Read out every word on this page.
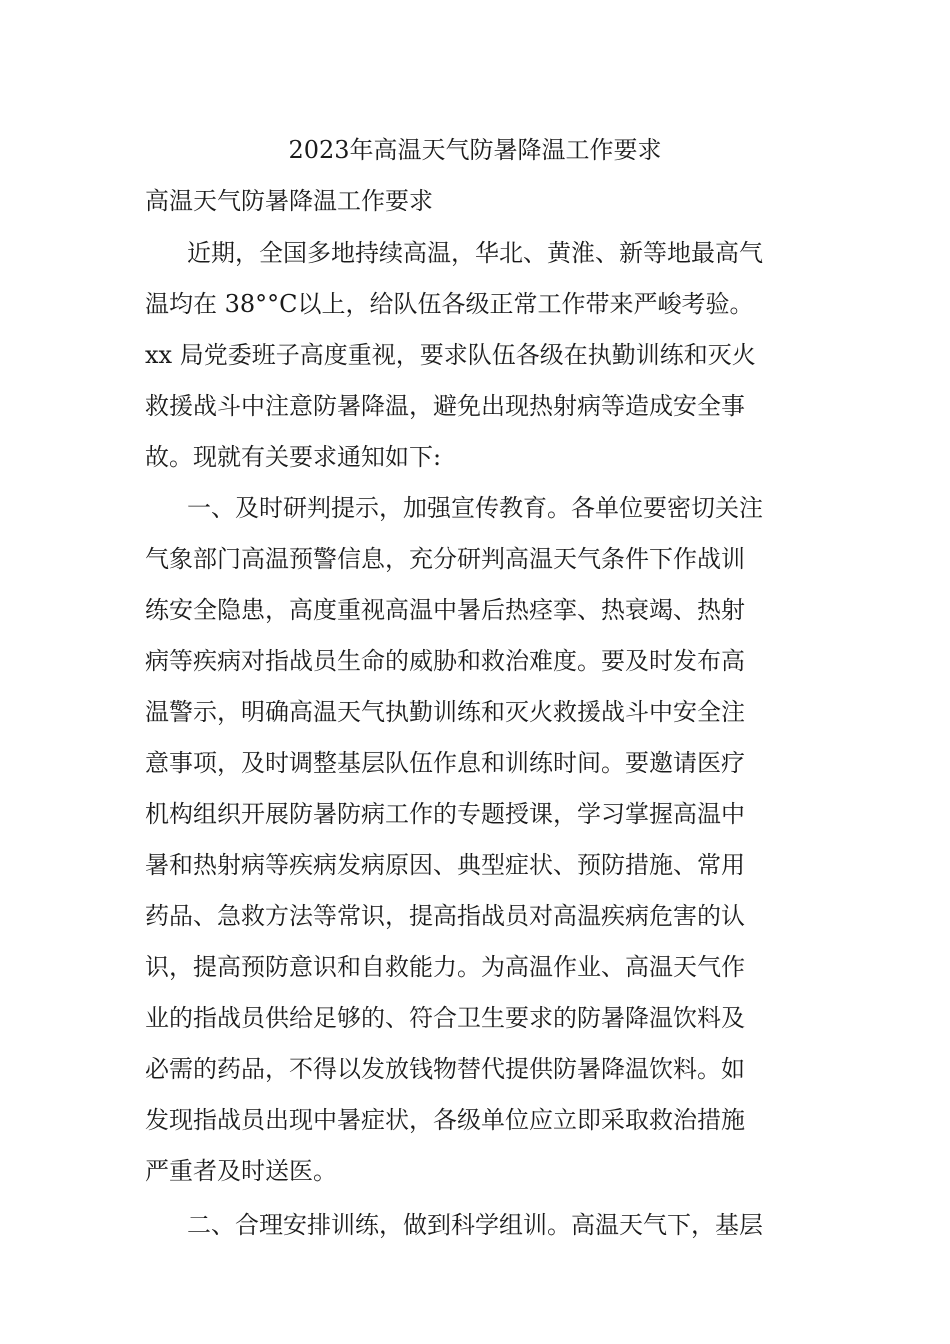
2023年高温天气防暑降温工作要求
高温天气防暑降温工作要求
近期，全国多地持续高温，华北、黄淮、新等地最高气
温均在 38°°C以上，给队伍各级正常工作带来严峻考验。
xx 局党委班子高度重视，要求队伍各级在执勤训练和灭火
救援战斗中注意防暑降温，避免出现热射病等造成安全事
故。现就有关要求通知如下:
一、及时研判提示，加强宣传教育。各单位要密切关注
气象部门高温预警信息，充分研判高温天气条件下作战训
练安全隐患，高度重视高温中暑后热痉挛、热衰竭、热射
病等疾病对指战员生命的威胁和救治难度。要及时发布高
温警示，明确高温天气执勤训练和灭火救援战斗中安全注
意事项，及时调整基层队伍作息和训练时间。要邀请医疗
机构组织开展防暑防病工作的专题授课，学习掌握高温中
暑和热射病等疾病发病原因、典型症状、预防措施、常用
药品、急救方法等常识，提高指战员对高温疾病危害的认
识，提高预防意识和自救能力。为高温作业、高温天气作
业的指战员供给足够的、符合卫生要求的防暑降温饮料及
必需的药品，不得以发放钱物替代提供防暑降温饮料。如
发现指战员出现中暑症状，各级单位应立即采取救治措施
严重者及时送医。
二、合理安排训练，做到科学组训。高温天气下，基层
